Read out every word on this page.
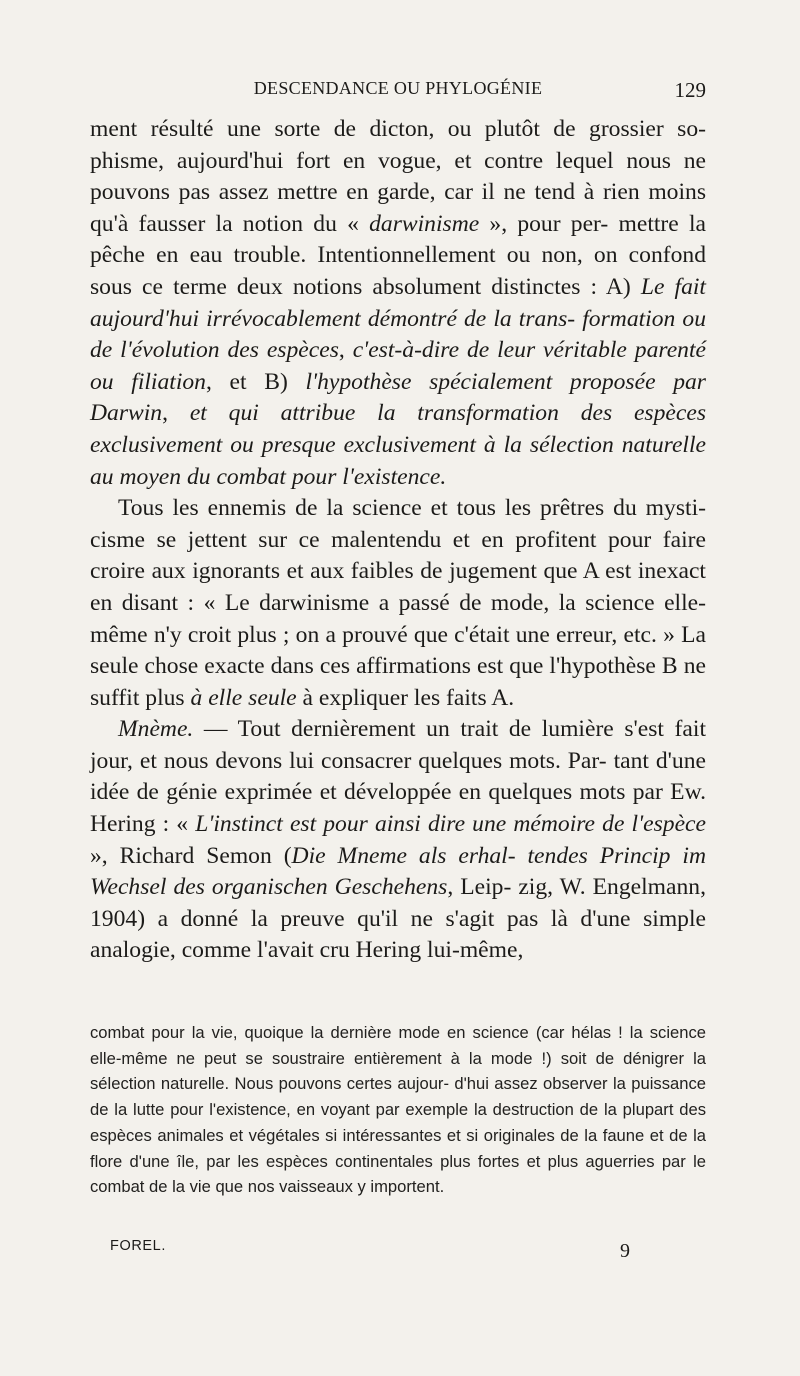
DESCENDANCE OU PHYLOGÉNIE	129

ment résulté une sorte de dicton, ou plutôt de grossier so- phisme, aujourd'hui fort en vogue, et contre lequel nous ne pouvons pas assez mettre en garde, car il ne tend à rien moins qu'à fausser la notion du « darwinisme », pour per- mettre la pêche en eau trouble. Intentionnellement ou non, on confond sous ce terme deux notions absolument distinctes : A) Le fait aujourd'hui irrévocablement démontré de la trans- formation ou de l'évolution des espèces, c'est-à-dire de leur véritable parenté ou filiation, et B) l'hypothèse spécialement proposée par Darwin, et qui attribue la transformation des espèces exclusivement ou presque exclusivement à la sélection naturelle au moyen du combat pour l'existence.

Tous les ennemis de la science et tous les prêtres du mysti- cisme se jettent sur ce malentendu et en profitent pour faire croire aux ignorants et aux faibles de jugement que A est inexact en disant : « Le darwinisme a passé de mode, la science elle-même n'y croit plus ; on a prouvé que c'était une erreur, etc. » La seule chose exacte dans ces affirmations est que l'hypothèse B ne suffit plus à elle seule à expliquer les faits A.

Mnème. — Tout dernièrement un trait de lumière s'est fait jour, et nous devons lui consacrer quelques mots. Par- tant d'une idée de génie exprimée et développée en quelques mots par Ew. Hering : « L'instinct est pour ainsi dire une mémoire de l'espèce », Richard Semon (Die Mneme als erhal- tendes Princip im Wechsel des organischen Geschehens, Leip- zig, W. Engelmann, 1904) a donné la preuve qu'il ne s'agit pas là d'une simple analogie, comme l'avait cru Hering lui-même,

combat pour la vie, quoique la dernière mode en science (car hélas ! la science elle-même ne peut se soustraire entièrement à la mode !) soit de dénigrer la sélection naturelle. Nous pouvons certes aujour- d'hui assez observer la puissance de la lutte pour l'existence, en voyant par exemple la destruction de la plupart des espèces animales et végétales si intéressantes et si originales de la faune et de la flore d'une île, par les espèces continentales plus fortes et plus aguerries par le combat de la vie que nos vaisseaux y importent.

FOREL.	9
